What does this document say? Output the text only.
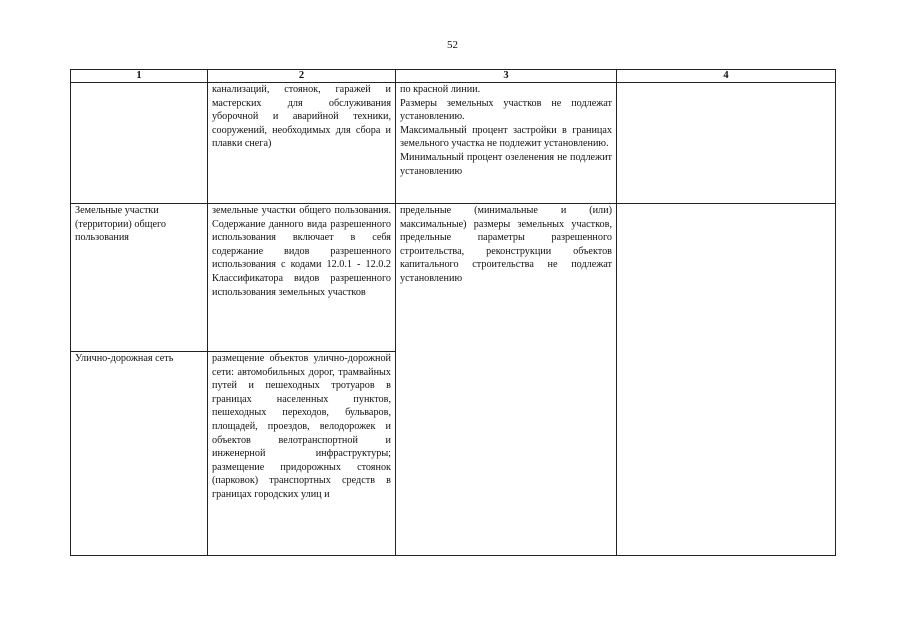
52
1	2	3	4
	канализаций, стоянок, гаражей и мастерских для обслуживания уборочной и аварийной техники, сооружений, необходимых для сбора и плавки снега)	по красной линии.
Размеры земельных участков не подлежат установлению.
Максимальный процент застройки в границах земельного участка не подлежит установлению.
Минимальный процент озеленения не подлежит установлению	

Земельные участки (территории) общего пользования	земельные участки общего пользования. Содержание данного вида разрешенного использования включает в себя содержание видов разрешенного использования с кодами 12.0.1 - 12.0.2 Классификатора видов разрешенного использования земельных участков	предельные (минимальные и (или) максимальные) размеры земельных участков, предельные параметры разрешенного строительства, реконструкции объектов капитального строительства не подлежат установлению	
Улично-дорожная сеть	размещение объектов улично-дорожной сети: автомобильных дорог, трамвайных путей и пешеходных тротуаров в границах населенных пунктов, пешеходных переходов, бульваров, площадей, проездов, велодорожек и объектов велотранспортной и инженерной инфраструктуры; размещение придорожных стоянок (парковок) транспортных средств в границах городских улиц и		
